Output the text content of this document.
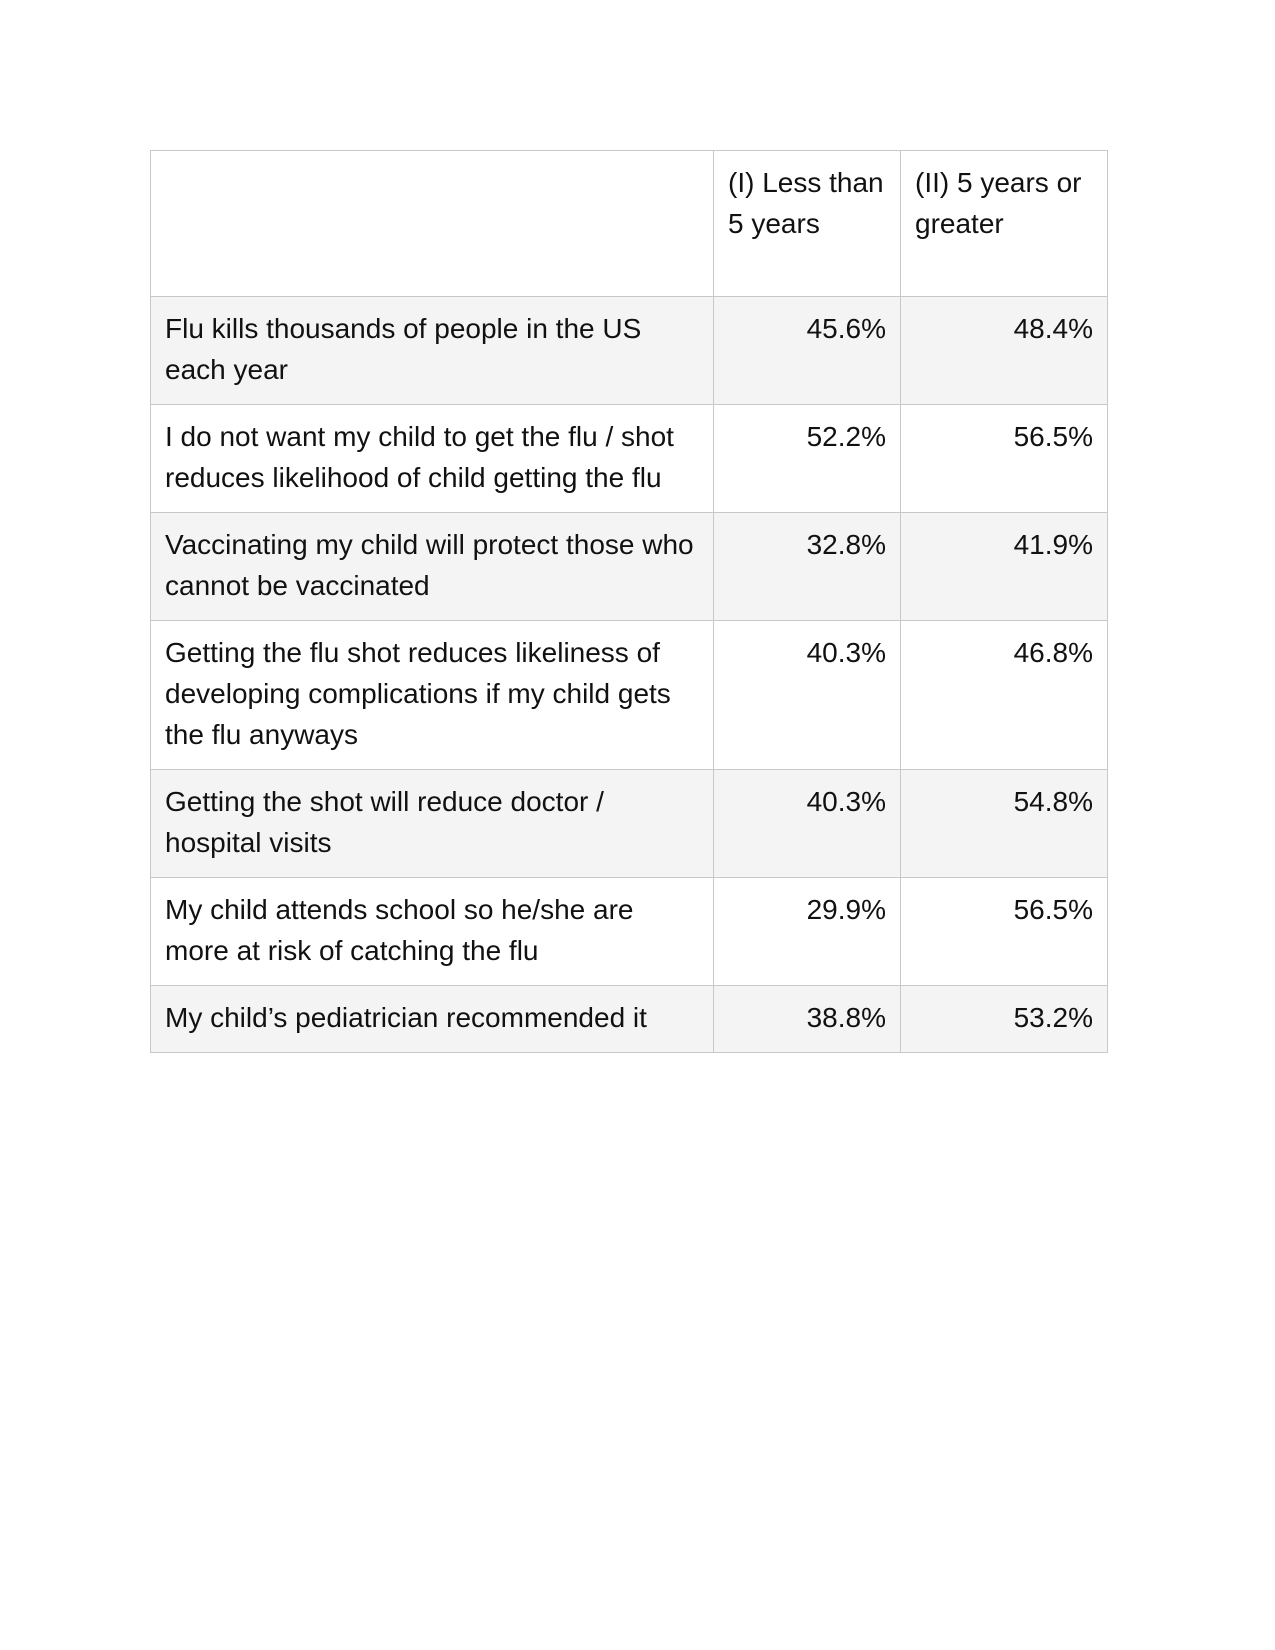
	(I) Less than 5 years	(II) 5 years or greater
Flu kills thousands of people in the US each year	45.6%	48.4%
I do not want my child to get the flu / shot reduces likelihood of child getting the flu	52.2%	56.5%
Vaccinating my child will protect those who cannot be vaccinated	32.8%	41.9%
Getting the flu shot reduces likeliness of developing complications if my child gets the flu anyways	40.3%	46.8%
Getting the shot will reduce doctor / hospital visits	40.3%	54.8%
My child attends school so he/she are more at risk of catching the flu	29.9%	56.5%
My child’s pediatrician recommended it	38.8%	53.2%
